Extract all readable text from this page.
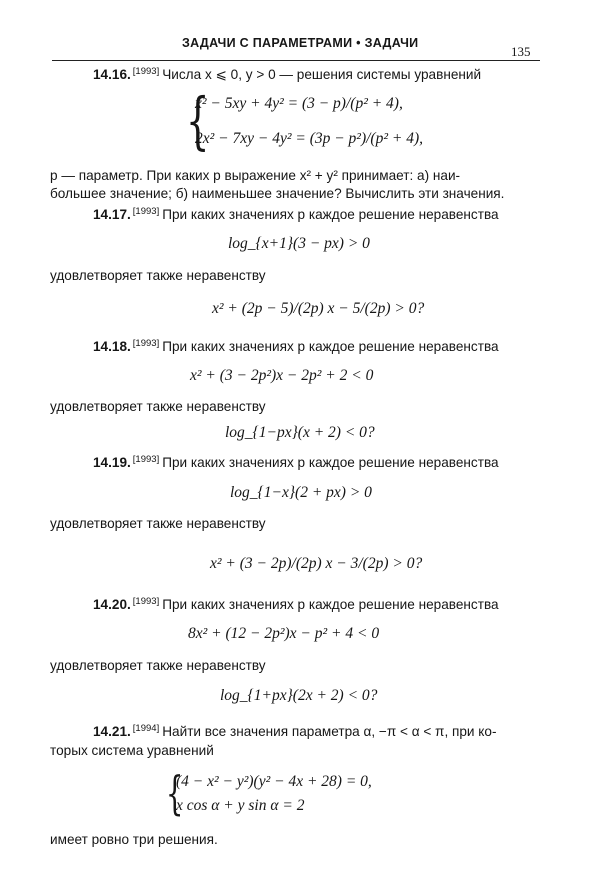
ЗАДАЧИ С ПАРАМЕТРАМИ • ЗАДАЧИ
135
14.16. [1993] Числа x ⩽ 0, y > 0 — решения системы уравнений
{
x² − 5xy + 4y² = (3 − p)/(p² + 4),
2x² − 7xy − 4y² = (3p − p²)/(p² + 4),
p — параметр. При каких p выражение x² + y² принимает: а) наи-
большее значение; б) наименьшее значение? Вычислить эти значения.
14.17. [1993] При каких значениях p каждое решение неравенства
log_{x+1}(3 − px) > 0
удовлетворяет также неравенству
x² + (2p − 5)/(2p) x − 5/(2p) > 0?
14.18. [1993] При каких значениях p каждое решение неравенства
x² + (3 − 2p²)x − 2p² + 2 < 0
удовлетворяет также неравенству
log_{1−px}(x + 2) < 0?
14.19. [1993] При каких значениях p каждое решение неравенства
log_{1−x}(2 + px) > 0
удовлетворяет также неравенству
x² + (3 − 2p)/(2p) x − 3/(2p) > 0?
14.20. [1993] При каких значениях p каждое решение неравенства
8x² + (12 − 2p²)x − p² + 4 < 0
удовлетворяет также неравенству
log_{1+px}(2x + 2) < 0?
14.21. [1994] Найти все значения параметра α, −π < α < π, при ко-
торых система уравнений
{
(4 − x² − y²)(y² − 4x + 28) = 0,
x cos α + y sin α = 2
имеет ровно три решения.
